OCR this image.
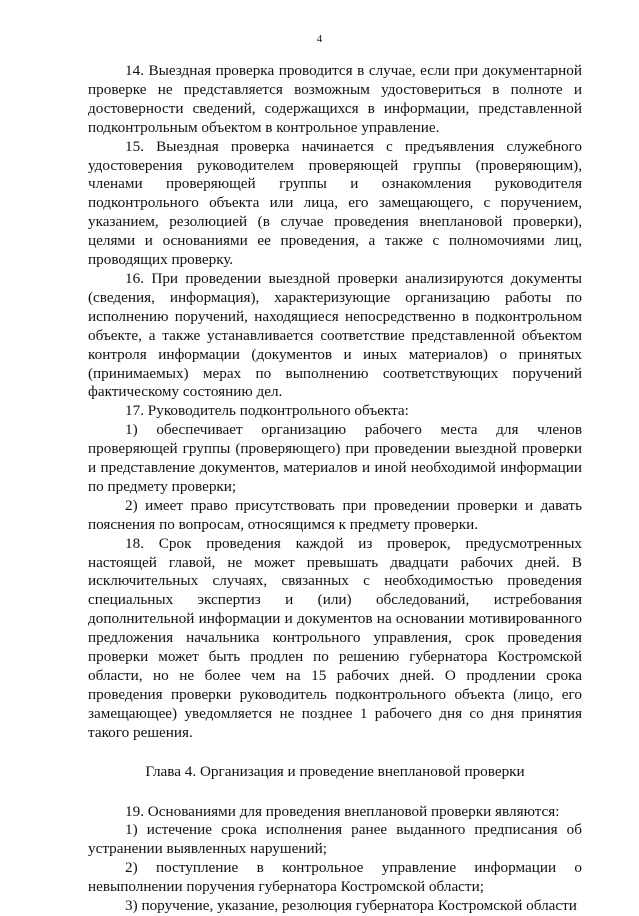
4

14. Выездная проверка проводится в случае, если при документарной проверке не представляется возможным удостовериться в полноте и достоверности сведений, содержащихся в информации, представленной подконтрольным объектом в контрольное управление.

15. Выездная проверка начинается с предъявления служебного удостоверения руководителем проверяющей группы (проверяющим), членами проверяющей группы и ознакомления руководителя подконтрольного объекта или лица, его замещающего, с поручением, указанием, резолюцией (в случае проведения внеплановой проверки), целями и основаниями ее проведения, а также с полномочиями лиц, проводящих проверку.

16. При проведении выездной проверки анализируются документы (сведения, информация), характеризующие организацию работы по исполнению поручений, находящиеся непосредственно в подконтрольном объекте, а также устанавливается соответствие представленной объектом контроля информации (документов и иных материалов) о принятых (принимаемых) мерах по выполнению соответствующих поручений фактическому состоянию дел.

17. Руководитель подконтрольного объекта:

1) обеспечивает организацию рабочего места для членов проверяющей группы (проверяющего) при проведении выездной проверки и представление документов, материалов и иной необходимой информации по предмету проверки;

2) имеет право присутствовать при проведении проверки и давать пояснения по вопросам, относящимся к предмету проверки.

18. Срок проведения каждой из проверок, предусмотренных настоящей главой, не может превышать двадцати рабочих дней. В исключительных случаях, связанных с необходимостью проведения специальных экспертиз и (или) обследований, истребования дополнительной информации и документов на основании мотивированного предложения начальника контрольного управления, срок проведения проверки может быть продлен по решению губернатора Костромской области, но не более чем на 15 рабочих дней. О продлении срока проведения проверки руководитель подконтрольного объекта (лицо, его замещающее) уведомляется не позднее 1 рабочего дня со дня принятия такого решения.

Глава 4. Организация и проведение внеплановой проверки

19. Основаниями для проведения внеплановой проверки являются:

1) истечение срока исполнения ранее выданного предписания об устранении выявленных нарушений;

2) поступление в контрольное управление информации о невыполнении поручения губернатора Костромской области;

3) поручение, указание, резолюция губернатора Костромской области
